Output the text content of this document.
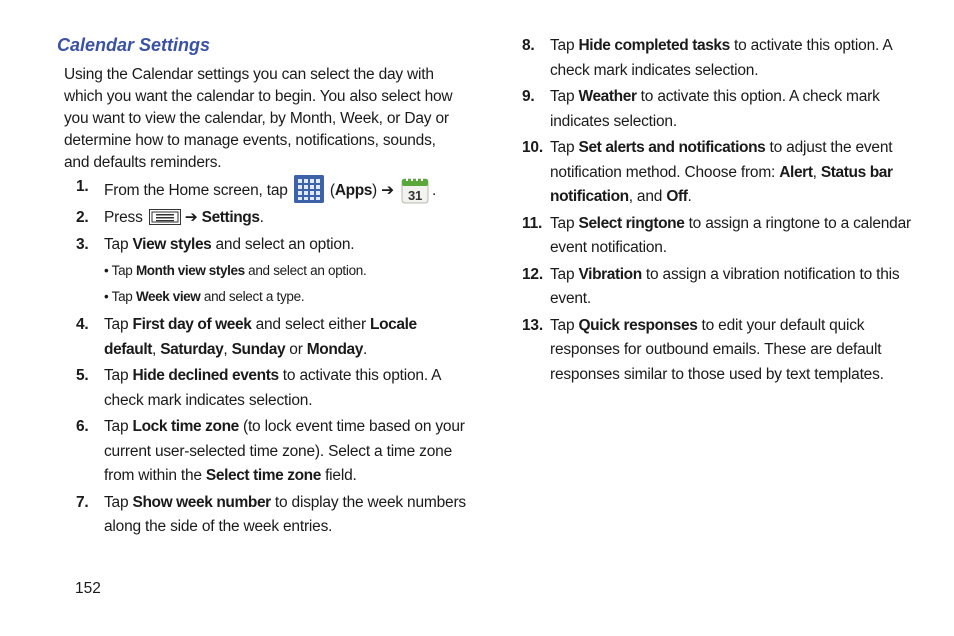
Calendar Settings

Using the Calendar settings you can select the day with which you want the calendar to begin. You also select how you want to view the calendar, by Month, Week, or Day or determine how to manage events, notifications, sounds, and defaults reminders.

1. From the Home screen, tap
(Apps) ➔ 31 .
2. Press ➔ Settings.
3. Tap View styles and select an option.
• Tap Month view styles and select an option.
• Tap Week view and select a type.
4. Tap First day of week and select either Locale default, Saturday, Sunday or Monday.
5. Tap Hide declined events to activate this option. A check mark indicates selection.
6. Tap Lock time zone (to lock event time based on your current user-selected time zone). Select a time zone from within the Select time zone field.
7. Tap Show week number to display the week numbers along the side of the week entries.
8. Tap Hide completed tasks to activate this option. A check mark indicates selection.
9. Tap Weather to activate this option. A check mark indicates selection.
10. Tap Set alerts and notifications to adjust the event notification method. Choose from: Alert, Status bar notification, and Off.
11. Tap Select ringtone to assign a ringtone to a calendar event notification.
12. Tap Vibration to assign a vibration notification to this event.
13. Tap Quick responses to edit your default quick responses for outbound emails. These are default responses similar to those used by text templates.
152
